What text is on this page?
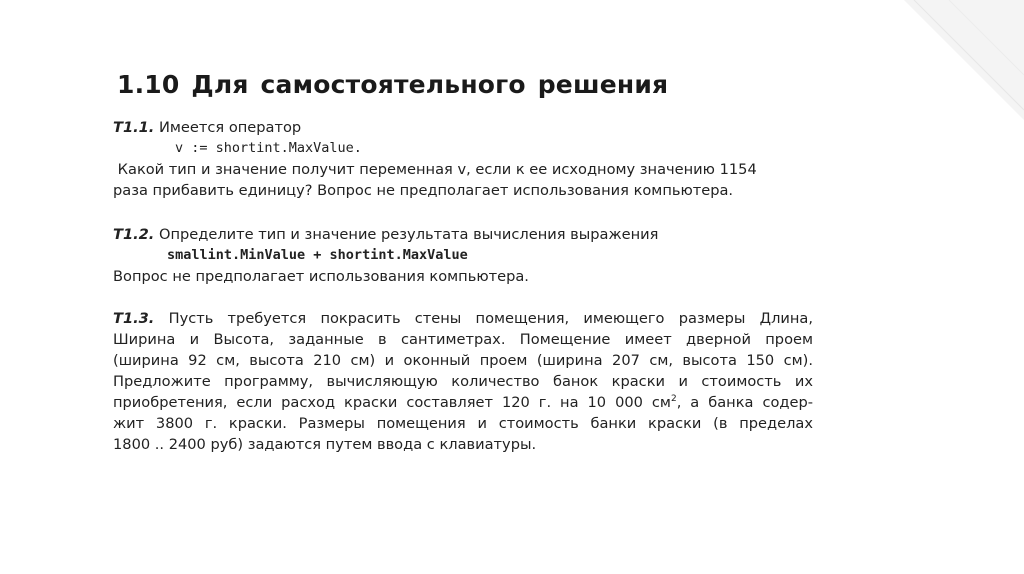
1.10 Для самостоятельного решения

T1.1. Имеется оператор

v := shortint.MaxValue.

Какой тип и значение получит переменная v, если к ее исходному значению 1154

раза прибавить единицу? Вопрос не предполагает использования компьютера.

T1.2. Определите тип и значение результата вычисления выражения

smallint.MinValue + shortint.MaxValue

Вопрос не предполагает использования компьютера.

T1.3. Пусть требуется покрасить стены помещения, имеющего размеры Длина,

Ширина и Высота, заданные в сантиметрах. Помещение имеет дверной проем

(ширина 92 см, высота 210 см) и оконный проем (ширина 207 см, высота 150 см).

Предложите программу, вычисляющую количество банок краски и стоимость их

приобретения, если расход краски составляет 120 г. на 10 000 $см^2$, а банка содер-

жит 3800 г. краски. Размеры помещения и стоимость банки краски (в пределах

1800 .. 2400 руб) задаются путем ввода с клавиатуры.
